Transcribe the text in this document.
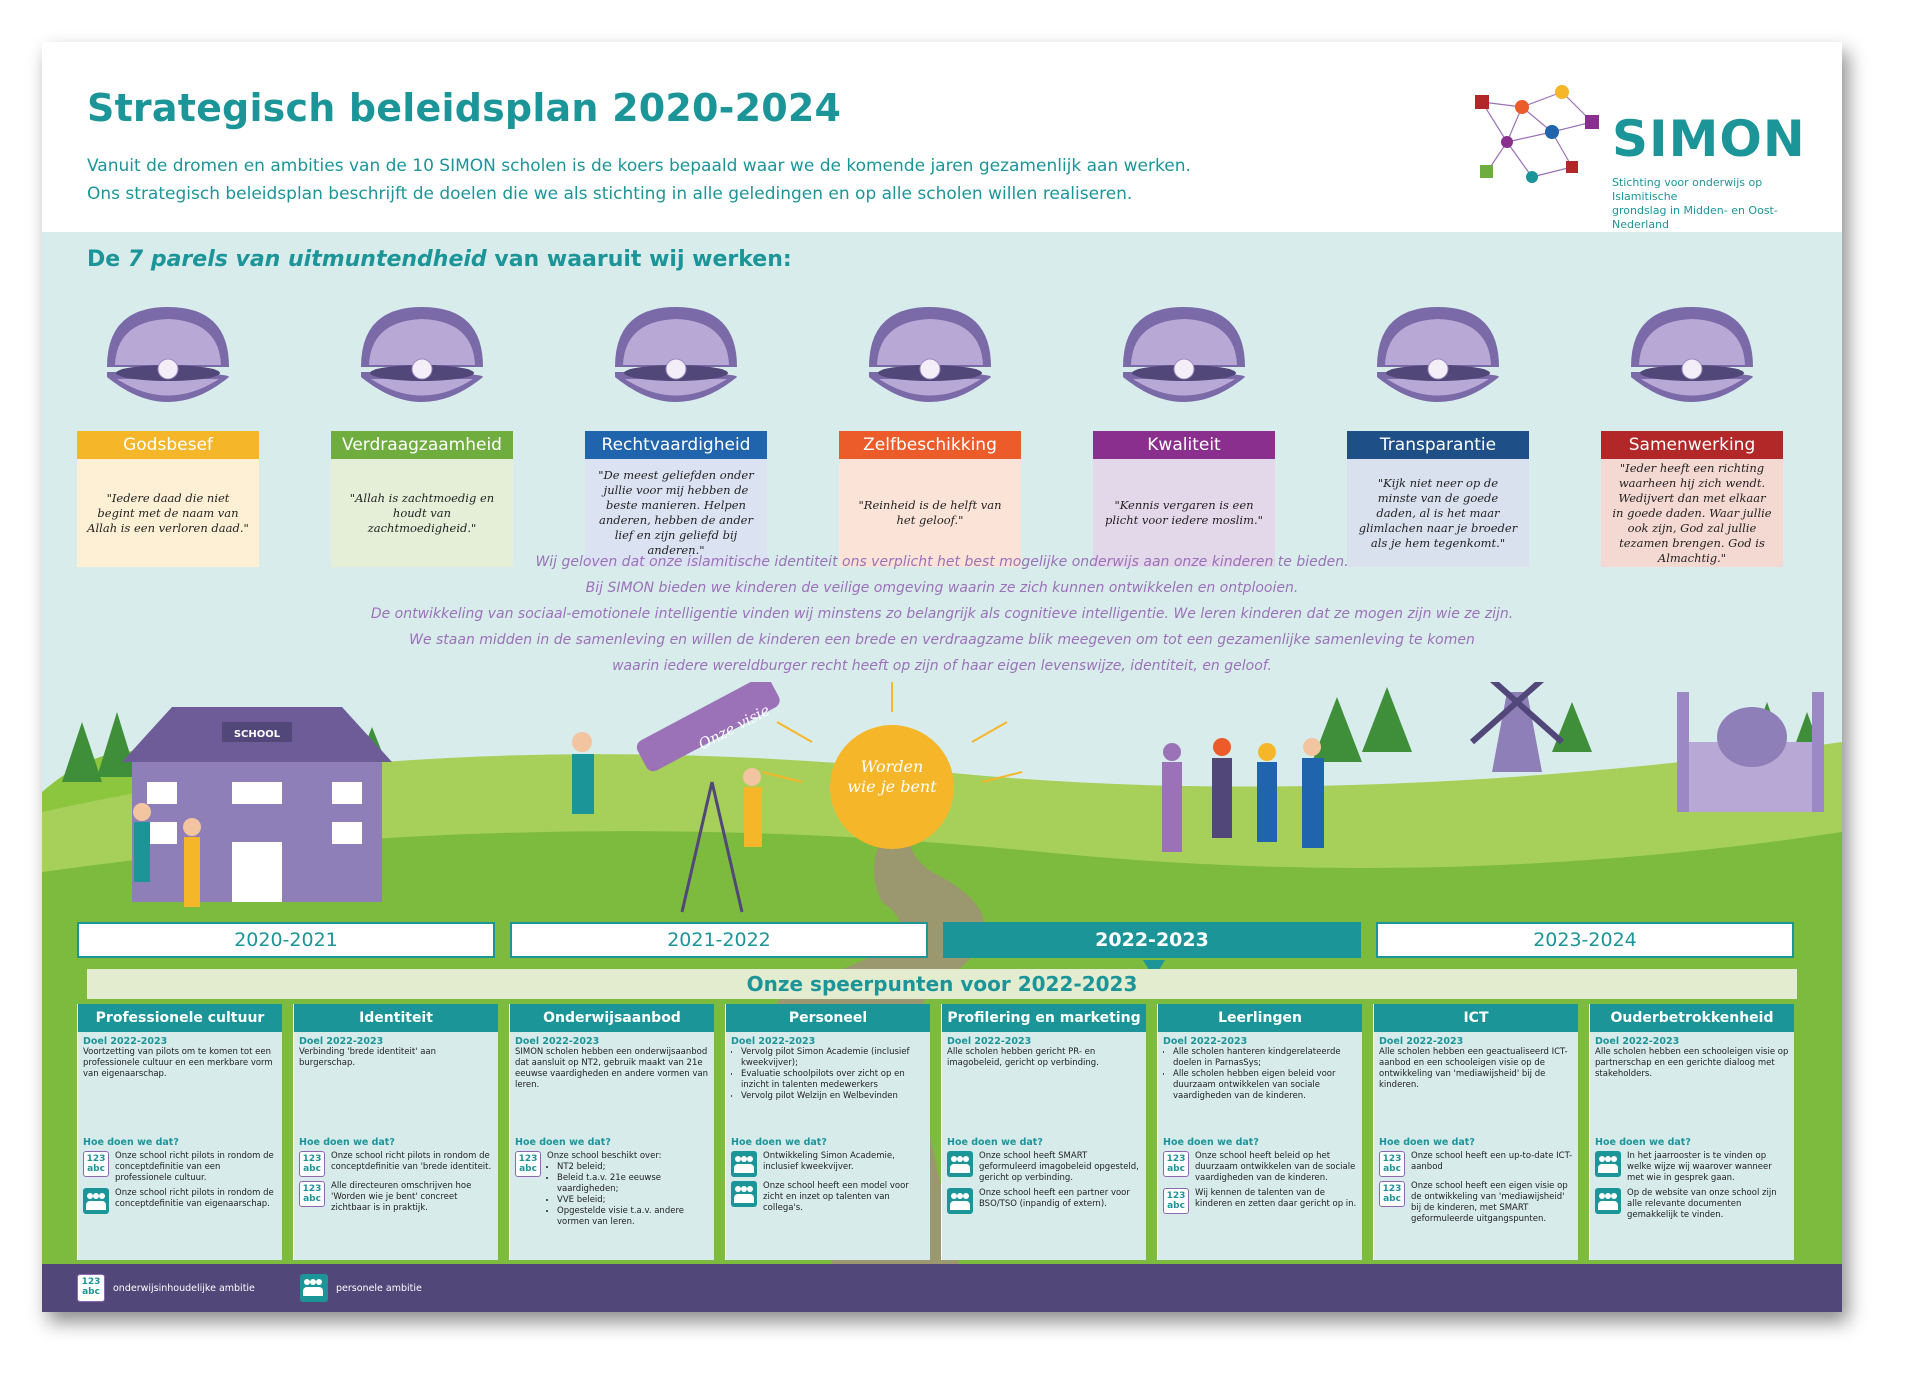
Strategisch beleidsplan 2020-2024
Vanuit de dromen en ambities van de 10 SIMON scholen is de koers bepaald waar we de komende jaren gezamenlijk aan werken.
Ons strategisch beleidsplan beschrijft de doelen die we als stichting in alle geledingen en op alle scholen willen realiseren.
SIMON
Stichting voor onderwijs op Islamitische
grondslag in Midden- en Oost-Nederland
De 7 parels van uitmuntendheid van waaruit wij werken:
Godsbesef
"Iedere daad die niet begint met de naam van Allah is een verloren daad."
Verdraagzaamheid
"Allah is zachtmoedig en houdt van zachtmoedigheid."
Rechtvaardigheid
"De meest geliefden onder jullie voor mij hebben de beste manieren. Helpen anderen, hebben de ander lief en zijn geliefd bij anderen."
Zelfbeschikking
"Reinheid is de helft van het geloof."
Kwaliteit
"Kennis vergaren is een plicht voor iedere moslim."
Transparantie
"Kijk niet neer op de minste van de goede daden, al is het maar glimlachen naar je broeder als je hem tegenkomt."
Samenwerking
"Ieder heeft een richting waarheen hij zich wendt. Wedijvert dan met elkaar in goede daden. Waar jullie ook zijn, God zal jullie tezamen brengen. God is Almachtig."
Wij geloven dat onze islamitische identiteit ons verplicht het best mogelijke onderwijs aan onze kinderen te bieden.
Bij SIMON bieden we kinderen de veilige omgeving waarin ze zich kunnen ontwikkelen en ontplooien.
De ontwikkeling van sociaal-emotionele intelligentie vinden wij minstens zo belangrijk als cognitieve intelligentie. We leren kinderen dat ze mogen zijn wie ze zijn.
We staan midden in de samenleving en willen de kinderen een brede en verdraagzame blik meegeven om tot een gezamenlijke samenleving te komen
waarin iedere wereldburger recht heeft op zijn of haar eigen levenswijze, identiteit, en geloof.
Worden
wie je bent
SCHOOL	Onze visie
2020-2021	2021-2022	2022-2023	2023-2024
Onze speerpunten voor 2022-2023
Professionele cultuur
Doel 2022-2023
Voortzetting van pilots om te komen tot een professionele cultuur en een merkbare vorm van eigenaarschap.
Hoe doen we dat?
123
abc
Onze school richt pilots in rondom de conceptdefinitie van een professionele cultuur.
Onze school richt pilots in rondom de conceptdefinitie van eigenaarschap.
Identiteit
Doel 2022-2023
Verbinding 'brede identiteit' aan burgerschap.
Hoe doen we dat?
123
abc
Onze school richt pilots in rondom de conceptdefinitie van 'brede identiteit.
123
abc
Alle directeuren omschrijven hoe 'Worden wie je bent' concreet zichtbaar is in praktijk.
Onderwijsaanbod
Doel 2022-2023
SIMON scholen hebben een onderwijsaanbod dat aansluit op NT2, gebruik maakt van 21e eeuwse vaardigheden en andere vormen van leren.
Hoe doen we dat?
123
abc
Onze school beschikt over:
• NT2 beleid;
• Beleid t.a.v. 21e eeuwse vaardigheden;
• VVE beleid;
• Opgestelde visie t.a.v. andere vormen van leren.
Personeel
Doel 2022-2023
• Vervolg pilot Simon Academie (inclusief kweekvijver);
• Evaluatie schoolpilots over zicht op en inzicht in talenten medewerkers
• Vervolg pilot Welzijn en Welbevinden
Hoe doen we dat?
Ontwikkeling Simon Academie, inclusief kweekvijver.
Onze school heeft een model voor zicht en inzet op talenten van collega's.
Profilering en marketing
Doel 2022-2023
Alle scholen hebben gericht PR- en imagobeleid, gericht op verbinding.
Hoe doen we dat?
Onze school heeft SMART geformuleerd imagobeleid opgesteld, gericht op verbinding.
Onze school heeft een partner voor BSO/TSO (inpandig of extern).
Leerlingen
Doel 2022-2023
• Alle scholen hanteren kindgerelateerde doelen in ParnasSys;
• Alle scholen hebben eigen beleid voor duurzaam ontwikkelen van sociale vaardigheden van de kinderen.
Hoe doen we dat?
123
abc
Onze school heeft beleid op het duurzaam ontwikkelen van de sociale vaardigheden van de kinderen.
123
abc
Wij kennen de talenten van de kinderen en zetten daar gericht op in.
ICT
Doel 2022-2023
Alle scholen hebben een geactualiseerd ICT-aanbod en een schooleigen visie op de ontwikkeling van 'mediawijsheid' bij de kinderen.
Hoe doen we dat?
123
abc
Onze school heeft een up-to-date ICT-aanbod
123
abc
Onze school heeft een eigen visie op de ontwikkeling van 'mediawijsheid' bij de kinderen, met SMART geformuleerde uitgangspunten.
Ouderbetrokkenheid
Doel 2022-2023
Alle scholen hebben een schooleigen visie op partnerschap en een gerichte dialoog met stakeholders.
Hoe doen we dat?
In het jaarrooster is te vinden op welke wijze wij waarover wanneer met wie in gesprek gaan.
Op de website van onze school zijn alle relevante documenten gemakkelijk te vinden.
123
abc	onderwijsinhoudelijke ambitie	personele ambitie
